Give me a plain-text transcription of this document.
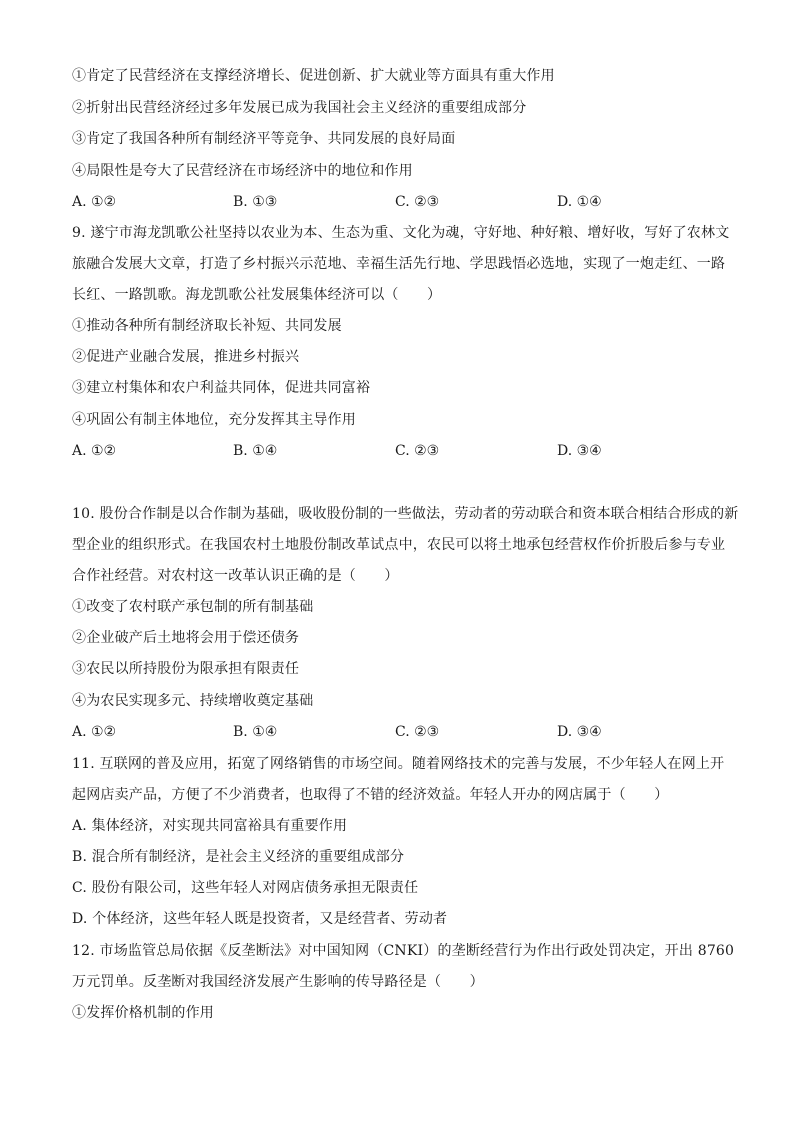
①肯定了民营经济在支撑经济增长、促进创新、扩大就业等方面具有重大作用
②折射出民营经济经过多年发展已成为我国社会主义经济的重要组成部分
③肯定了我国各种所有制经济平等竞争、共同发展的良好局面
④局限性是夸大了民营经济在市场经济中的地位和作用
A. ①②	B. ①③	C. ②③	D. ①④
9. 遂宁市海龙凯歌公社坚持以农业为本、生态为重、文化为魂，守好地、种好粮、增好收，写好了农林文
旅融合发展大文章，打造了乡村振兴示范地、幸福生活先行地、学思践悟必选地，实现了一炮走红、一路
长红、一路凯歌。海龙凯歌公社发展集体经济可以（　　）
①推动各种所有制经济取长补短、共同发展
②促进产业融合发展，推进乡村振兴
③建立村集体和农户利益共同体，促进共同富裕
④巩固公有制主体地位，充分发挥其主导作用
A. ①②	B. ①④	C. ②③	D. ③④
10. 股份合作制是以合作制为基础，吸收股份制的一些做法，劳动者的劳动联合和资本联合相结合形成的新
型企业的组织形式。在我国农村土地股份制改革试点中，农民可以将土地承包经营权作价折股后参与专业
合作社经营。对农村这一改革认识正确的是（　　）
①改变了农村联产承包制的所有制基础
②企业破产后土地将会用于偿还债务
③农民以所持股份为限承担有限责任
④为农民实现多元、持续增收奠定基础
A. ①②	B. ①④	C. ②③	D. ③④
11. 互联网的普及应用，拓宽了网络销售的市场空间。随着网络技术的完善与发展，不少年轻人在网上开
起网店卖产品，方便了不少消费者，也取得了不错的经济效益。年轻人开办的网店属于（　　）
A. 集体经济，对实现共同富裕具有重要作用
B. 混合所有制经济，是社会主义经济的重要组成部分
C. 股份有限公司，这些年轻人对网店债务承担无限责任
D. 个体经济，这些年轻人既是投资者，又是经营者、劳动者
12. 市场监管总局依据《反垄断法》对中国知网（CNKI）的垄断经营行为作出行政处罚决定，开出 8760
万元罚单。反垄断对我国经济发展产生影响的传导路径是（　　）
①发挥价格机制的作用
